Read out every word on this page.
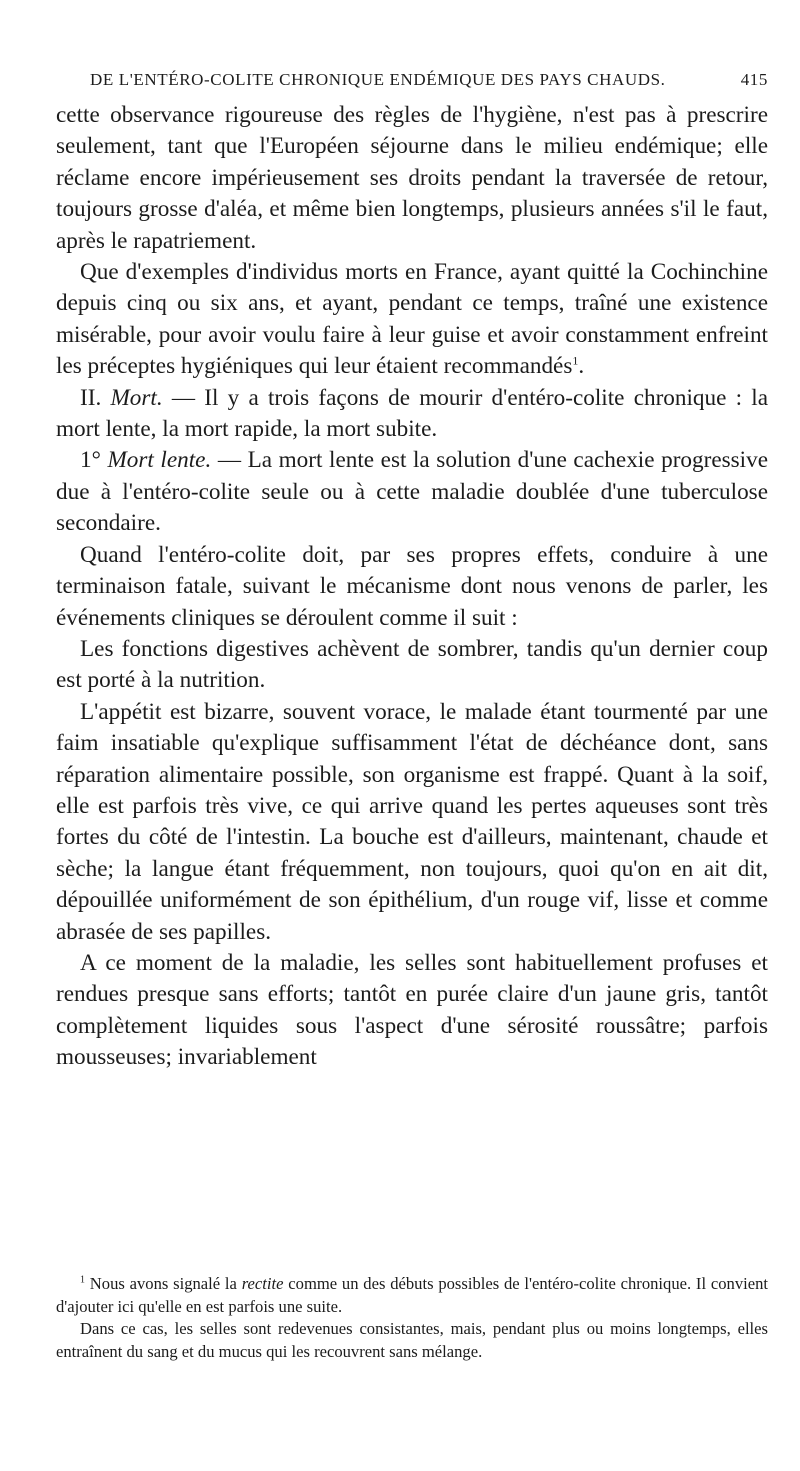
DE L'ENTÉRO-COLITE CHRONIQUE ENDÉMIQUE DES PAYS CHAUDS.	415

cette observance rigoureuse des règles de l'hygiène, n'est pas à prescrire seulement, tant que l'Européen séjourne dans le milieu endémique; elle réclame encore impérieusement ses droits pendant la traversée de retour, toujours grosse d'aléa, et même bien longtemps, plusieurs années s'il le faut, après le rapatriement.

Que d'exemples d'individus morts en France, ayant quitté la Cochinchine depuis cinq ou six ans, et ayant, pendant ce temps, traîné une existence misérable, pour avoir voulu faire à leur guise et avoir constamment enfreint les préceptes hygiéniques qui leur étaient recommandés$^1$.

II. Mort. — Il y a trois façons de mourir d'entéro-colite chronique : la mort lente, la mort rapide, la mort subite.

1° Mort lente. — La mort lente est la solution d'une cachexie progressive due à l'entéro-colite seule ou à cette maladie doublée d'une tuberculose secondaire.

Quand l'entéro-colite doit, par ses propres effets, conduire à une terminaison fatale, suivant le mécanisme dont nous venons de parler, les événements cliniques se déroulent comme il suit :

Les fonctions digestives achèvent de sombrer, tandis qu'un dernier coup est porté à la nutrition.

L'appétit est bizarre, souvent vorace, le malade étant tourmenté par une faim insatiable qu'explique suffisamment l'état de déchéance dont, sans réparation alimentaire possible, son organisme est frappé. Quant à la soif, elle est parfois très vive, ce qui arrive quand les pertes aqueuses sont très fortes du côté de l'intestin. La bouche est d'ailleurs, maintenant, chaude et sèche; la langue étant fréquemment, non toujours, quoi qu'on en ait dit, dépouillée uniformément de son épithélium, d'un rouge vif, lisse et comme abrasée de ses papilles.

A ce moment de la maladie, les selles sont habituellement profuses et rendues presque sans efforts; tantôt en purée claire d'un jaune gris, tantôt complètement liquides sous l'aspect d'une sérosité roussâtre; parfois mousseuses; invariablement

$^1$ Nous avons signalé la rectite comme un des débuts possibles de l'entéro-colite chronique. Il convient d'ajouter ici qu'elle en est parfois une suite.

Dans ce cas, les selles sont redevenues consistantes, mais, pendant plus ou moins longtemps, elles entraînent du sang et du mucus qui les recouvrent sans mélange.
